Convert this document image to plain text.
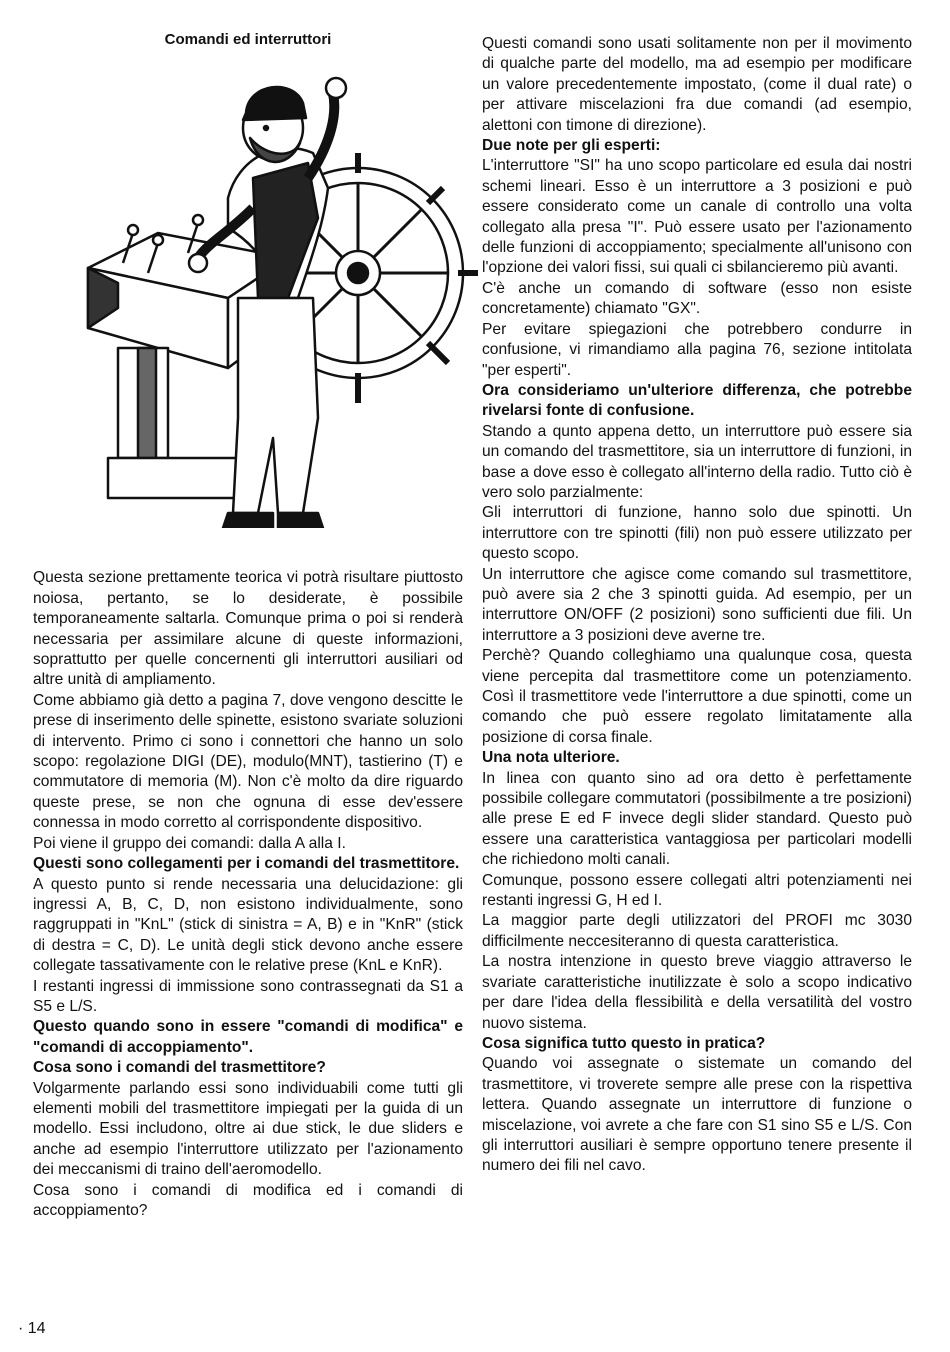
Comandi ed interruttori

Questa sezione prettamente teorica vi potrà risultare piuttosto noiosa, pertanto, se lo desiderate, è possibile temporaneamente saltarla. Comunque prima o poi si renderà necessaria per assimilare alcune di queste informazioni, soprattutto per quelle concernenti gli interruttori ausiliari od altre unità di ampliamento.

Come abbiamo già detto a pagina 7, dove vengono descitte le prese di inserimento delle spinette, esistono svariate soluzioni di intervento. Primo ci sono i connettori che hanno un solo scopo: regolazione DIGI (DE), modulo(MNT), tastierino (T) e commutatore di memoria (M). Non c'è molto da dire riguardo queste prese, se non che ognuna di esse dev'essere connessa in modo corretto al corrispondente dispositivo.

Poi viene il gruppo dei comandi: dalla A alla I.

Questi sono collegamenti per i comandi del trasmettitore.

A questo punto si rende necessaria una delucidazione: gli ingressi A, B, C, D, non esistono individualmente, sono raggruppati in "KnL" (stick di sinistra = A, B) e in "KnR" (stick di destra = C, D). Le unità degli stick devono anche essere collegate tassativamente con le relative prese (KnL e KnR).

I restanti ingressi di immissione sono contrassegnati da S1 a S5 e L/S.

Questo quando sono in essere "comandi di modifica" e "comandi di accoppiamento".

Cosa sono i comandi del trasmettitore?

Volgarmente parlando essi sono individuabili come tutti gli elementi mobili del trasmettitore impiegati per la guida di un modello. Essi includono, oltre ai due stick, le due sliders e anche ad esempio l'interruttore utilizzato per l'azionamento dei meccanismi di traino dell'aeromodello.

Cosa sono i comandi di modifica ed i comandi di accoppiamento?

Questi comandi sono usati solitamente non per il movimento di qualche parte del modello, ma ad esempio per modificare un valore precedentemente impostato, (come il dual rate) o per attivare miscelazioni fra due comandi (ad esempio, alettoni con timone di direzione).

Due note per gli esperti:

L'interruttore "SI" ha uno scopo particolare ed esula dai nostri schemi lineari. Esso è un interruttore a 3 posizioni e può essere considerato come un canale di controllo una volta collegato alla presa "I". Può essere usato per l'azionamento delle funzioni di accoppiamento; specialmente all'unisono con l'opzione dei valori fissi, sui quali ci sbilancieremo più avanti.

C'è anche un comando di software (esso non esiste concretamente) chiamato "GX".

Per evitare spiegazioni che potrebbero condurre in confusione, vi rimandiamo alla pagina 76, sezione intitolata "per esperti".

Ora consideriamo un'ulteriore differenza, che potrebbe rivelarsi fonte di confusione.

Stando a qunto appena detto, un interruttore può essere sia un comando del trasmettitore, sia un interruttore di funzioni, in base a dove esso è collegato all'interno della radio. Tutto ciò è vero solo parzialmente:

Gli interruttori di funzione, hanno solo due spinotti. Un interruttore con tre spinotti (fili) non può essere utilizzato per questo scopo.

Un interruttore che agisce come comando sul trasmettitore, può avere sia 2 che 3 spinotti guida. Ad esempio, per un interruttore ON/OFF (2 posizioni) sono sufficienti due fili. Un interruttore a 3 posizioni deve averne tre.

Perchè? Quando colleghiamo una qualunque cosa, questa viene percepita dal trasmettitore come un potenziamento. Così il trasmettitore vede l'interruttore a due spinotti, come un comando che può essere regolato limitatamente alla posizione di corsa finale.

Una nota ulteriore.

In linea con quanto sino ad ora detto è perfettamente possibile collegare commutatori (possibilmente a tre posizioni) alle prese E ed F invece degli slider standard. Questo può essere una caratteristica vantaggiosa per particolari modelli che richiedono molti canali.

Comunque, possono essere collegati altri potenziamenti nei restanti ingressi G, H ed I.

La maggior parte degli utilizzatori del PROFI mc 3030 difficilmente neccesiteranno di questa caratteristica.

La nostra intenzione in questo breve viaggio attraverso le svariate caratteristiche inutilizzate è solo a scopo indicativo per dare l'idea della flessibilità e della versatilità del vostro nuovo sistema.

Cosa significa tutto questo in pratica?

Quando voi assegnate o sistemate un comando del trasmettitore, vi troverete sempre alle prese con la rispettiva lettera. Quando assegnate un interruttore di funzione o miscelazione, voi avrete a che fare con S1 sino S5 e L/S. Con gli interruttori ausiliari è sempre opportuno tenere presente il numero dei fili nel cavo.

· 14
